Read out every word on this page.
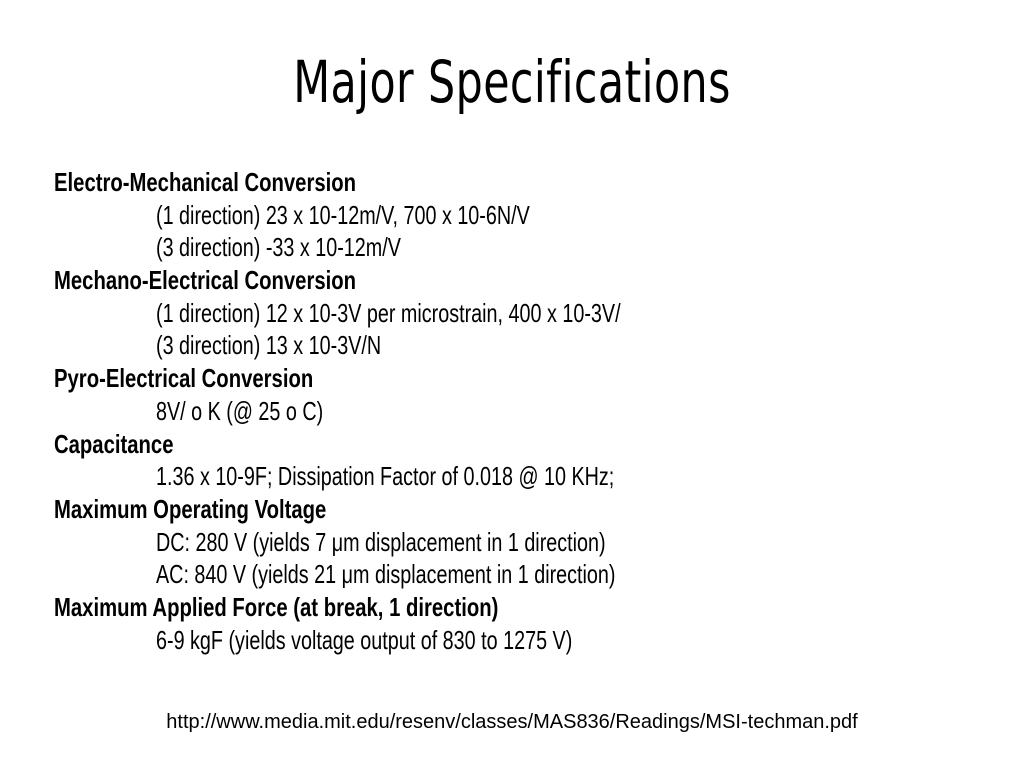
Major Specifications
Electro-Mechanical Conversion
(1 direction) 23 x 10-12m/V, 700 x 10-6N/V
(3 direction) -33 x 10-12m/V
Mechano-Electrical Conversion
(1 direction) 12 x 10-3V per microstrain, 400 x 10-3V/
(3 direction) 13 x 10-3V/N
Pyro-Electrical Conversion
8V/ o K (@ 25 o C)
Capacitance
1.36 x 10-9F; Dissipation Factor of 0.018 @ 10 KHz;
Maximum Operating Voltage
DC: 280 V (yields 7 μm displacement in 1 direction)
AC: 840 V (yields 21 μm displacement in 1 direction)
Maximum Applied Force (at break, 1 direction)
6-9 kgF (yields voltage output of 830 to 1275 V)
http://www.media.mit.edu/resenv/classes/MAS836/Readings/MSI-techman.pdf
